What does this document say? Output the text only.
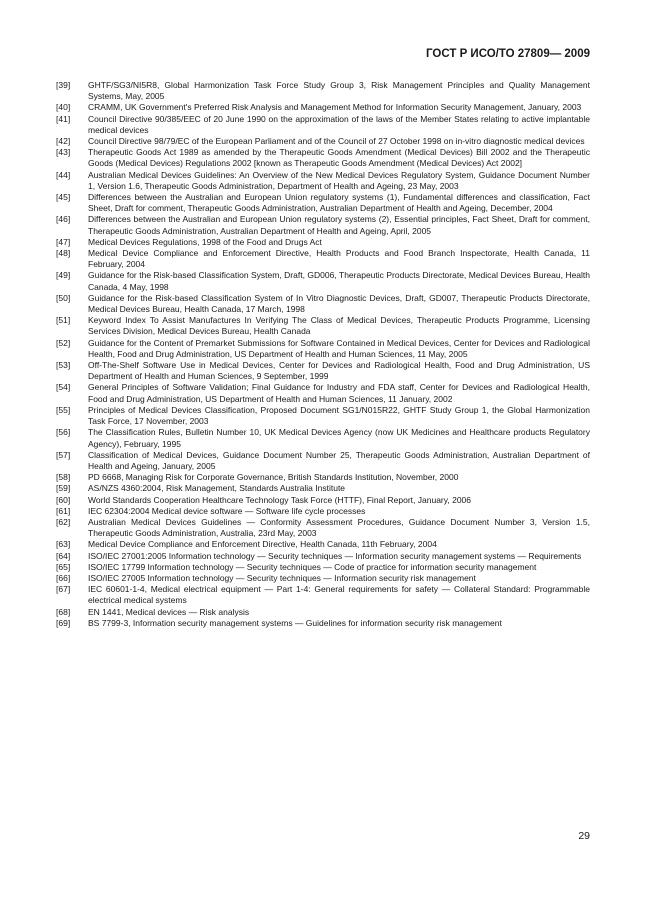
ГОСТ Р ИСО/ТО 27809— 2009
[39]	GHTF/SG3/NI5R8, Global Harmonization Task Force Study Group 3, Risk Management Principles and Quality Management Systems, May, 2005
[40]	CRAMM, UK Government's Preferred Risk Analysis and Management Method for Information Security Management, January, 2003
[41]	Council Directive 90/385/EEC of 20 June 1990 on the approximation of the laws of the Member States relating to active implantable medical devices
[42]	Council Directive 98/79/EC of the European Parliament and of the Council of 27 October 1998 on in-vitro diagnostic medical devices
[43]	Therapeutic Goods Act 1989 as amended by the Therapeutic Goods Amendment (Medical Devices) Bill 2002 and the Therapeutic Goods (Medical Devices) Regulations 2002 [known as Therapeutic Goods Amendment (Medical Devices) Act 2002]
[44]	Australian Medical Devices Guidelines: An Overview of the New Medical Devices Regulatory System, Guidance Document Number 1, Version 1.6, Therapeutic Goods Administration, Department of Health and Ageing, 23 May, 2003
[45]	Differences between the Australian and European Union regulatory systems (1), Fundamental differences and classification, Fact Sheet, Draft for comment, Therapeutic Goods Administration, Australian Department of Health and Ageing, December, 2004
[46]	Differences between the Australian and European Union regulatory systems (2), Essential principles, Fact Sheet, Draft for comment, Therapeutic Goods Administration, Australian Department of Health and Ageing, April, 2005
[47]	Medical Devices Regulations, 1998 of the Food and Drugs Act
[48]	Medical Device Compliance and Enforcement Directive, Health Products and Food Branch Inspectorate, Health Canada, 11 February, 2004
[49]	Guidance for the Risk-based Classification System, Draft, GD006, Therapeutic Products Directorate, Medical Devices Bureau, Health Canada, 4 May, 1998
[50]	Guidance for the Risk-based Classification System of In Vitro Diagnostic Devices, Draft, GD007, Therapeutic Products Directorate, Medical Devices Bureau, Health Canada, 17 March, 1998
[51]	Keyword Index To Assist Manufactures In Verifying The Class of Medical Devices, Therapeutic Products Programme, Licensing Services Division, Medical Devices Bureau, Health Canada
[52]	Guidance for the Content of Premarket Submissions for Software Contained in Medical Devices, Center for Devices and Radiological Health, Food and Drug Administration, US Department of Health and Human Sciences, 11 May, 2005
[53]	Off-The-Shelf Software Use in Medical Devices, Center for Devices and Radiological Health, Food and Drug Administration, US Department of Health and Human Sciences, 9 September, 1999
[54]	General Principles of Software Validation; Final Guidance for Industry and FDA staff, Center for Devices and Radiological Health, Food and Drug Administration, US Department of Health and Human Sciences, 11 January, 2002
[55]	Principles of Medical Devices Classification, Proposed Document SG1/N015R22, GHTF Study Group 1, the Global Harmonization Task Force, 17 November, 2003
[56]	The Classification Rules, Bulletin Number 10, UK Medical Devices Agency (now UK Medicines and Healthcare products Regulatory Agency), February, 1995
[57]	Classification of Medical Devices, Guidance Document Number 25, Therapeutic Goods Administration, Australian Department of Health and Ageing, January, 2005
[58]	PD 6668, Managing Risk for Corporate Governance, British Standards Institution, November, 2000
[59]	AS/NZS 4360:2004, Risk Management, Standards Australia Institute
[60]	World Standards Cooperation Healthcare Technology Task Force (HTTF), Final Report, January, 2006
[61]	IEC 62304:2004 Medical device software — Software life cycle processes
[62]	Australian Medical Devices Guidelines — Conformity Assessment Procedures, Guidance Document Number 3, Version 1.5, Therapeutic Goods Administration, Australia, 23rd May, 2003
[63]	Medical Device Compliance and Enforcement Directive, Health Canada, 11th February, 2004
[64]	ISO/IEC 27001:2005 Information technology — Security techniques — Information security management systems — Requirements
[65]	ISO/IEC 17799 Information technology — Security techniques — Code of practice for information security management
[66]	ISO/IEC 27005 Information technology — Security techniques — Information security risk management
[67]	IEC 60601-1-4, Medical electrical equipment — Part 1-4: General requirements for safety — Collateral Standard: Programmable electrical medical systems
[68]	EN 1441, Medical devices — Risk analysis
[69]	BS 7799-3, Information security management systems — Guidelines for information security risk management
29
